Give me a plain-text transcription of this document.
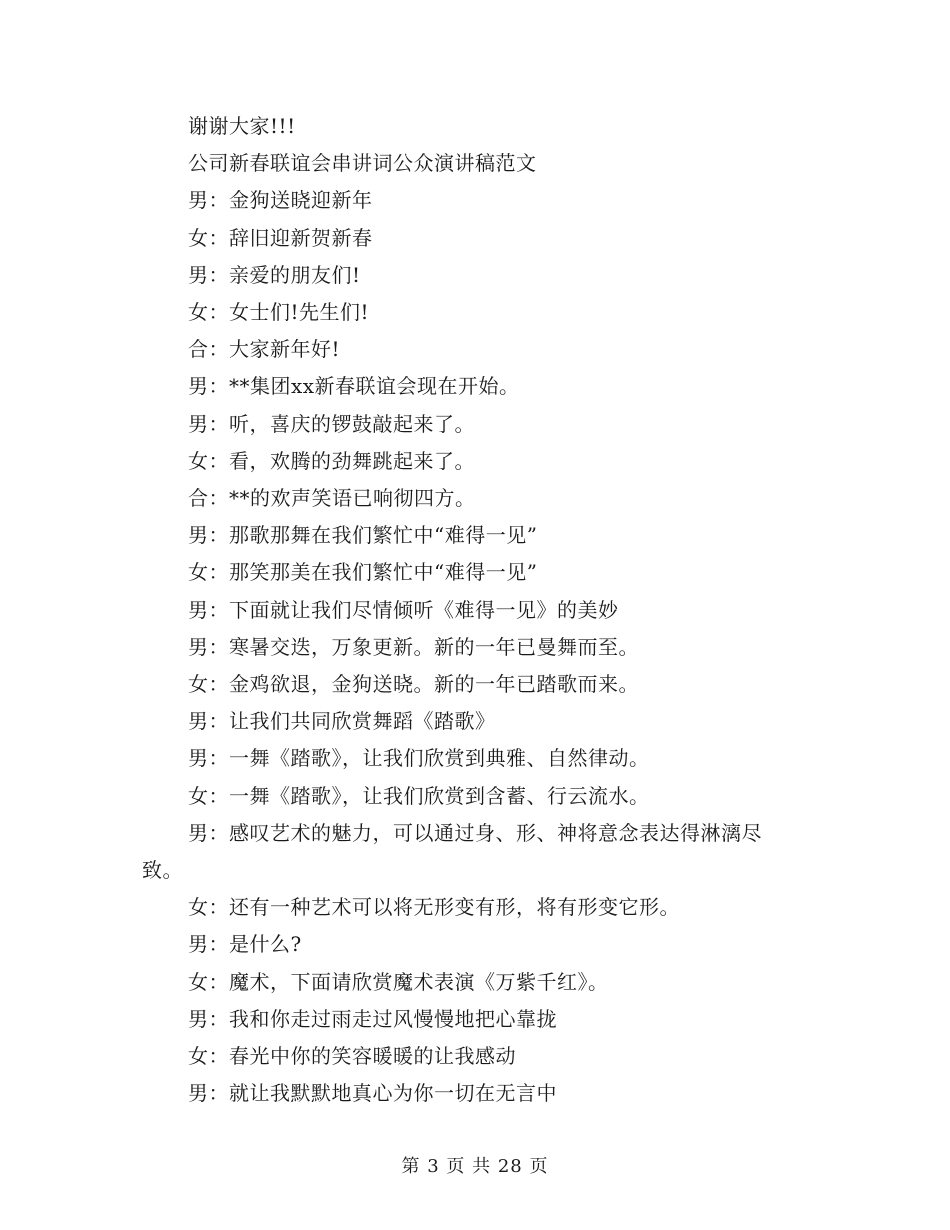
谢谢大家!!!

公司新春联谊会串讲词公众演讲稿范文

男：金狗送晓迎新年

女：辞旧迎新贺新春

男：亲爱的朋友们!

女：女士们!先生们!

合：大家新年好!

男：**集团xx新春联谊会现在开始。

男：听，喜庆的锣鼓敲起来了。

女：看，欢腾的劲舞跳起来了。

合：**的欢声笑语已响彻四方。

男：那歌那舞在我们繁忙中“难得一见”

女：那笑那美在我们繁忙中“难得一见”

男：下面就让我们尽情倾听《难得一见》的美妙

男：寒暑交迭，万象更新。新的一年已曼舞而至。

女：金鸡欲退，金狗送晓。新的一年已踏歌而来。

男：让我们共同欣赏舞蹈《踏歌》

男：一舞《踏歌》，让我们欣赏到典雅、自然律动。

女：一舞《踏歌》，让我们欣赏到含蓄、行云流水。

男：感叹艺术的魅力，可以通过身、形、神将意念表达得淋漓尽致。

女：还有一种艺术可以将无形变有形，将有形变它形。

男：是什么?

女：魔术，下面请欣赏魔术表演《万紫千红》。

男：我和你走过雨走过风慢慢地把心靠拢

女：春光中你的笑容暖暖的让我感动

男：就让我默默地真心为你一切在无言中

第 3 页 共 28 页
